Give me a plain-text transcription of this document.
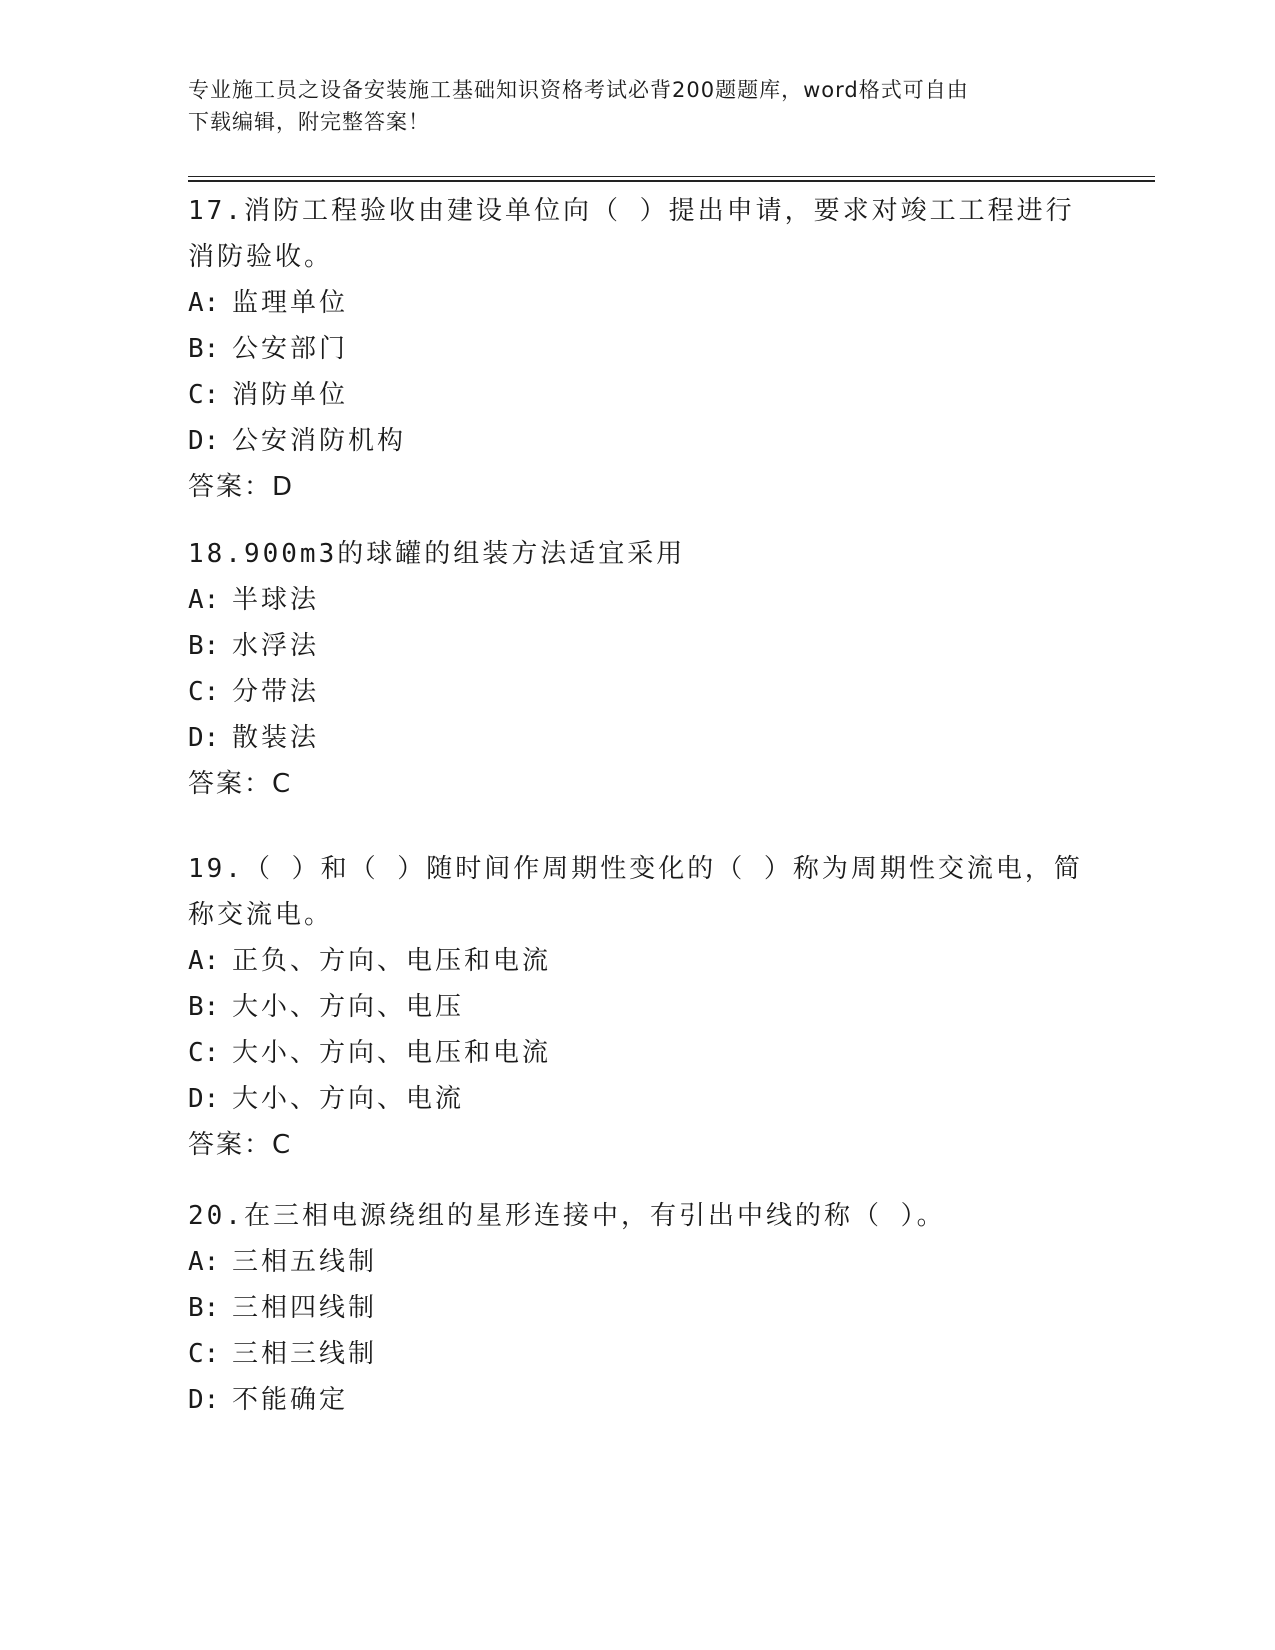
专业施工员之设备安装施工基础知识资格考试必背200题题库，word格式可自由
下载编辑，附完整答案！
17.消防工程验收由建设单位向（ ）提出申请，要求对竣工工程进行
消防验收。
A: 监理单位
B: 公安部门
C: 消防单位
D: 公安消防机构
答案：D
18.900m3的球罐的组装方法适宜采用
A: 半球法
B: 水浮法
C: 分带法
D: 散装法
答案：C
19.（ ）和（ ）随时间作周期性变化的（ ）称为周期性交流电，简
称交流电。
A: 正负、方向、电压和电流
B: 大小、方向、电压
C: 大小、方向、电压和电流
D: 大小、方向、电流
答案：C
20.在三相电源绕组的星形连接中，有引出中线的称（ ）。
A: 三相五线制
B: 三相四线制
C: 三相三线制
D: 不能确定
